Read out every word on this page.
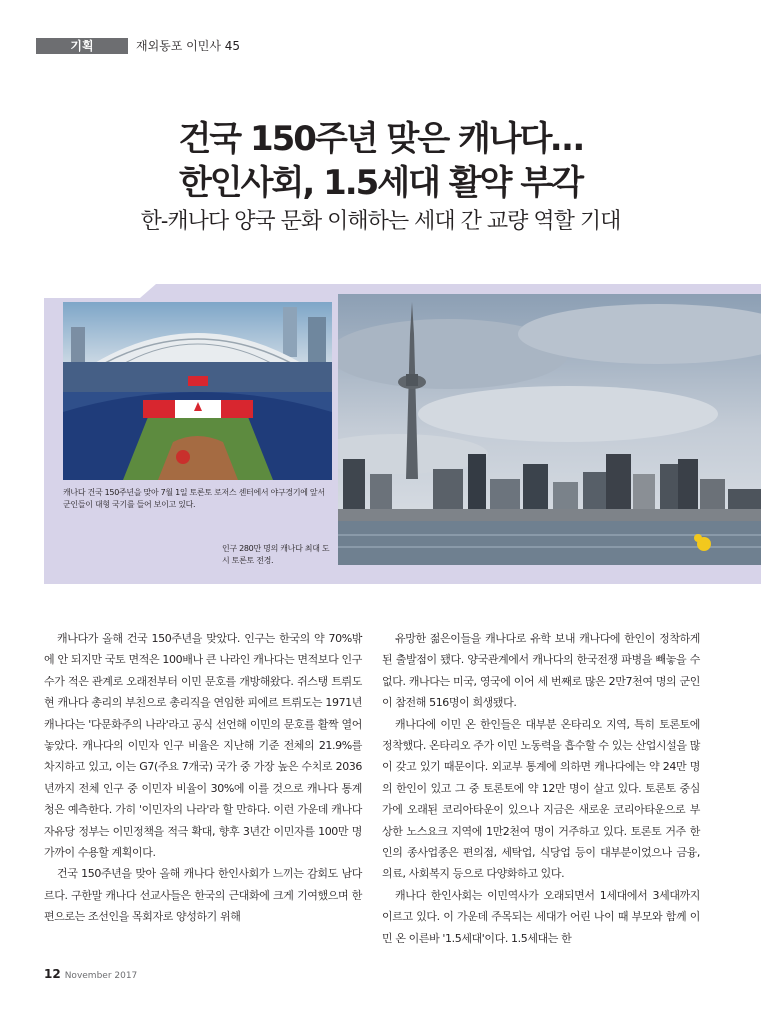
기획	재외동포 이민사 45
건국 150주년 맞은 캐나다…
한인사회, 1.5세대 활약 부각
한-캐나다 양국 문화 이해하는 세대 간 교량 역할 기대
캐나다 건국 150주년을 맞아 7월 1일 토론토 로저스 센터에서 야구경기에 앞서 군인들이 대형 국기를 들어 보이고 있다.
인구 280만 명의 캐나다 최대 도시 토론토 전경.

캐나다가 올해 건국 150주년을 맞았다. 인구는 한국의 약 70%밖에 안 되지만 국토 면적은 100배나 큰 나라인 캐나다는 면적보다 인구수가 적은 관계로 오래전부터 이민 문호를 개방해왔다. 쥐스탱 트뤼도 현 캐나다 총리의 부친으로 총리직을 연임한 피에르 트뤼도는 1971년 캐나다는 '다문화주의 나라'라고 공식 선언해 이민의 문호를 활짝 열어놓았다. 캐나다의 이민자 인구 비율은 지난해 기준 전체의 21.9%를 차지하고 있고, 이는 G7(주요 7개국) 국가 중 가장 높은 수치로 2036년까지 전체 인구 중 이민자 비율이 30%에 이를 것으로 캐나다 통계청은 예측한다. 가히 '이민자의 나라'라 할 만하다. 이런 가운데 캐나다 자유당 정부는 이민정책을 적극 확대, 향후 3년간 이민자를 100만 명 가까이 수용할 계획이다.

건국 150주년을 맞아 올해 캐나다 한인사회가 느끼는 감회도 남다르다. 구한말 캐나다 선교사들은 한국의 근대화에 크게 기여했으며 한편으로는 조선인을 목회자로 양성하기 위해

유망한 젊은이들을 캐나다로 유학 보내 캐나다에 한인이 정착하게 된 출발점이 됐다. 양국관계에서 캐나다의 한국전쟁 파병을 빼놓을 수 없다. 캐나다는 미국, 영국에 이어 세 번째로 많은 2만7천여 명의 군인이 참전해 516명이 희생됐다.

캐나다에 이민 온 한인들은 대부분 온타리오 지역, 특히 토론토에 정착했다. 온타리오 주가 이민 노동력을 흡수할 수 있는 산업시설을 많이 갖고 있기 때문이다. 외교부 통계에 의하면 캐나다에는 약 24만 명의 한인이 있고 그 중 토론토에 약 12만 명이 살고 있다. 토론토 중심가에 오래된 코리아타운이 있으나 지금은 새로운 코리아타운으로 부상한 노스요크 지역에 1만2천여 명이 거주하고 있다. 토론토 거주 한인의 종사업종은 편의점, 세탁업, 식당업 등이 대부분이었으나 금융, 의료, 사회복지 등으로 다양화하고 있다.

캐나다 한인사회는 이민역사가 오래되면서 1세대에서 3세대까지 이르고 있다. 이 가운데 주목되는 세대가 어린 나이 때 부모와 함께 이민 온 이른바 '1.5세대'이다. 1.5세대는 한

12 November 2017
